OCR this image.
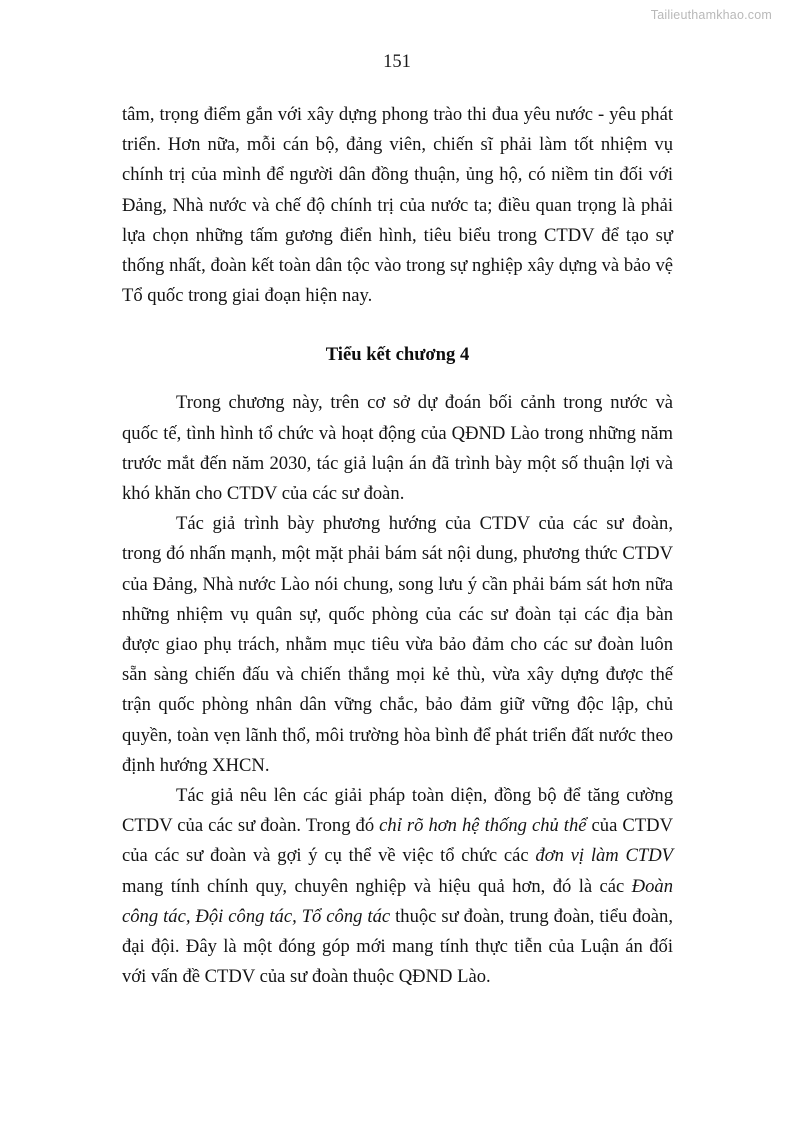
Tailieuthamkhao.com
151

tâm, trọng điểm gắn với xây dựng phong trào thi đua yêu nước - yêu phát triển. Hơn nữa, mỗi cán bộ, đảng viên, chiến sĩ phải làm tốt nhiệm vụ chính trị của mình để người dân đồng thuận, ủng hộ, có niềm tin đối với Đảng, Nhà nước và chế độ chính trị của nước ta; điều quan trọng là phải lựa chọn những tấm gương điển hình, tiêu biểu trong CTDV để tạo sự thống nhất, đoàn kết toàn dân tộc vào trong sự nghiệp xây dựng và bảo vệ Tổ quốc trong giai đoạn hiện nay.

Tiểu kết chương 4

Trong chương này, trên cơ sở dự đoán bối cảnh trong nước và quốc tế, tình hình tổ chức và hoạt động của QĐND Lào trong những năm trước mắt đến năm 2030, tác giả luận án đã trình bày một số thuận lợi và khó khăn cho CTDV của các sư đoàn.

Tác giả trình bày phương hướng của CTDV của các sư đoàn, trong đó nhấn mạnh, một mặt phải bám sát nội dung, phương thức CTDV của Đảng, Nhà nước Lào nói chung, song lưu ý cần phải bám sát hơn nữa những nhiệm vụ quân sự, quốc phòng của các sư đoàn tại các địa bàn được giao phụ trách, nhằm mục tiêu vừa bảo đảm cho các sư đoàn luôn sẵn sàng chiến đấu và chiến thắng mọi kẻ thù, vừa xây dựng được thế trận quốc phòng nhân dân vững chắc, bảo đảm giữ vững độc lập, chủ quyền, toàn vẹn lãnh thổ, môi trường hòa bình để phát triển đất nước theo định hướng XHCN.

Tác giả nêu lên các giải pháp toàn diện, đồng bộ để tăng cường CTDV của các sư đoàn. Trong đó chỉ rõ hơn hệ thống chủ thể của CTDV của các sư đoàn và gợi ý cụ thể về việc tổ chức các đơn vị làm CTDV mang tính chính quy, chuyên nghiệp và hiệu quả hơn, đó là các Đoàn công tác, Đội công tác, Tổ công tác thuộc sư đoàn, trung đoàn, tiểu đoàn, đại đội. Đây là một đóng góp mới mang tính thực tiễn của Luận án đối với vấn đề CTDV của sư đoàn thuộc QĐND Lào.
